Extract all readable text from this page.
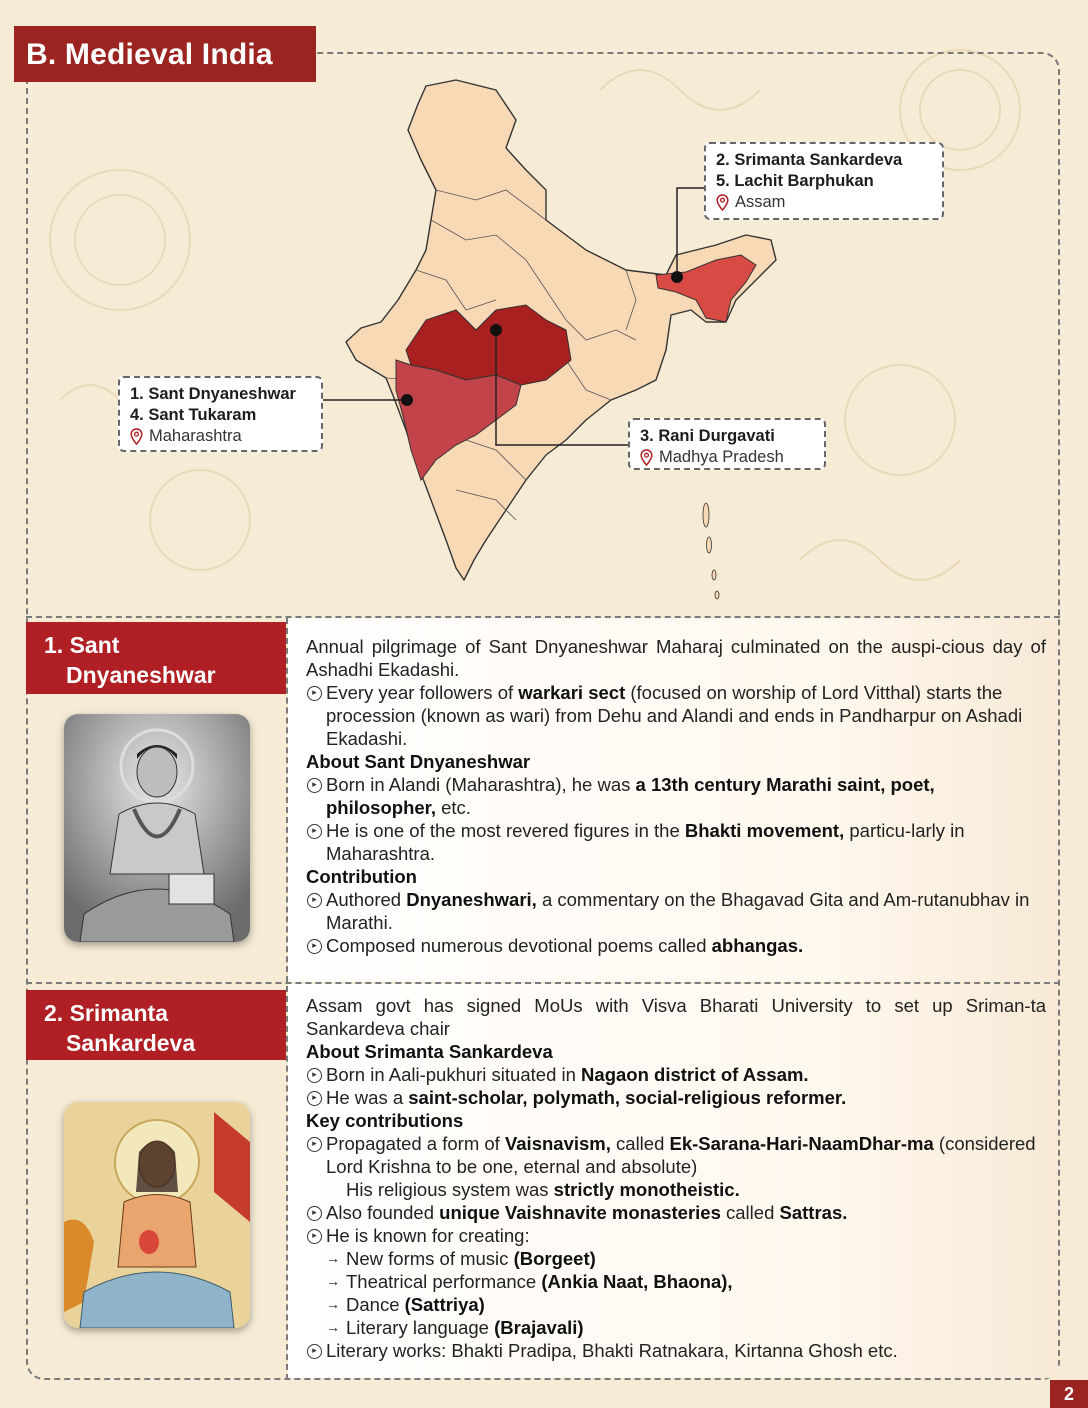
B. Medieval India
1. Sant Dnyaneshwar
4. Sant Tukaram
Maharashtra
2. Srimanta Sankardeva
5. Lachit Barphukan
Assam
3. Rani Durgavati
Madhya Pradesh
1. Sant
Dnyaneshwar

Annual pilgrimage of Sant Dnyaneshwar Maharaj culminated on the auspi-cious day of Ashadhi Ekadashi.

▸ Every year followers of warkari sect (focused on worship of Lord Vitthal) starts the procession (known as wari) from Dehu and Alandi and ends in Pandharpur on Ashadi Ekadashi.

About Sant Dnyaneshwar

▸ Born in Alandi (Maharashtra), he was a 13th century Marathi saint, poet, philosopher, etc.

▸ He is one of the most revered figures in the Bhakti movement, particu-larly in Maharashtra.

Contribution

▸ Authored Dnyaneshwari, a commentary on the Bhagavad Gita and Am-rutanubhav in Marathi.

▸ Composed numerous devotional poems called abhangas.

2. Srimanta
Sankardeva

Assam govt has signed MoUs with Visva Bharati University to set up Sriman-ta Sankardeva chair

About Srimanta Sankardeva

▸ Born in Aali-pukhuri situated in Nagaon district of Assam.

▸ He was a saint-scholar, polymath, social-religious reformer.

Key contributions

▸ Propagated a form of Vaisnavism, called Ek-Sarana-Hari-NaamDhar-ma (considered Lord Krishna to be one, eternal and absolute)

His religious system was strictly monotheistic.

▸ Also founded unique Vaishnavite monasteries called Sattras.

▸ He is known for creating:

→ New forms of music (Borgeet)

→ Theatrical performance (Ankia Naat, Bhaona),

→ Dance (Sattriya)

→ Literary language (Brajavali)

▸ Literary works: Bhakti Pradipa, Bhakti Ratnakara, Kirtanna Ghosh etc.

2
